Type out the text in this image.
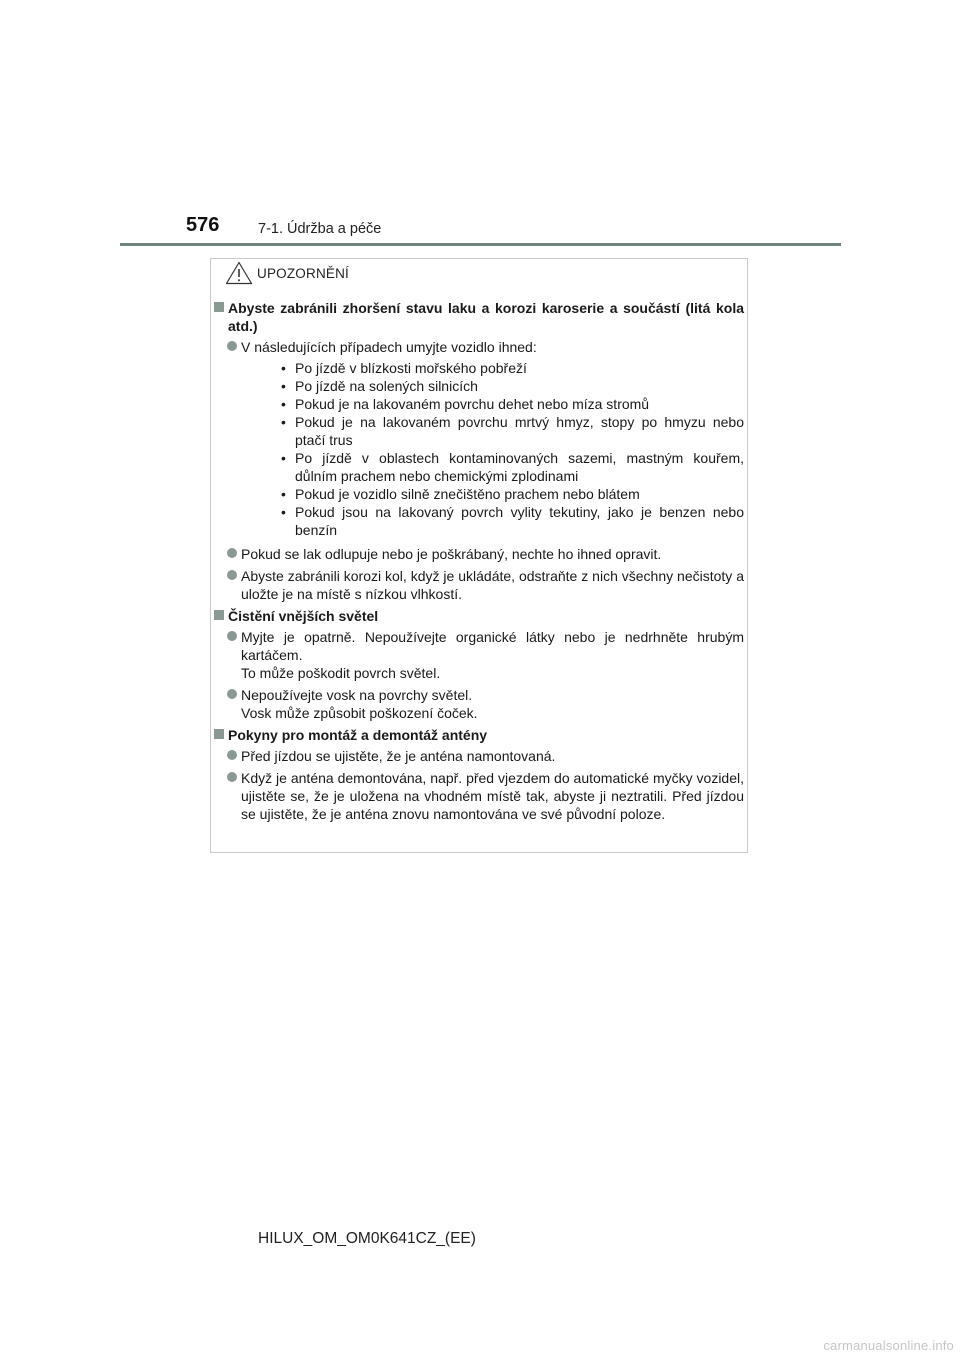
576	7-1. Údržba a péče
UPOZORNĚNÍ
Abyste zabránili zhoršení stavu laku a korozi karoserie a součástí (litá kola atd.)
V následujících případech umyjte vozidlo ihned:
• Po jízdě v blízkosti mořského pobřeží
• Po jízdě na solených silnicích
• Pokud je na lakovaném povrchu dehet nebo míza stromů
• Pokud je na lakovaném povrchu mrtvý hmyz, stopy po hmyzu nebo ptačí trus
• Po jízdě v oblastech kontaminovaných sazemi, mastným kouřem, důlním prachem nebo chemickými zplodinami
• Pokud je vozidlo silně znečištěno prachem nebo blátem
• Pokud jsou na lakovaný povrch vylity tekutiny, jako je benzen nebo benzín
Pokud se lak odlupuje nebo je poškrábaný, nechte ho ihned opravit.
Abyste zabránili korozi kol, když je ukládáte, odstraňte z nich všechny nečistoty a uložte je na místě s nízkou vlhkostí.
Čistění vnějších světel
Myjte je opatrně. Nepoužívejte organické látky nebo je nedrhněte hrubým kartáčem.
To může poškodit povrch světel.
Nepoužívejte vosk na povrchy světel.
Vosk může způsobit poškození čoček.
Pokyny pro montáž a demontáž antény
Před jízdou se ujistěte, že je anténa namontovaná.
Když je anténa demontována, např. před vjezdem do automatické myčky vozidel, ujistěte se, že je uložena na vhodném místě tak, abyste ji neztratili. Před jízdou se ujistěte, že je anténa znovu namontována ve své původní poloze.
HILUX_OM_OM0K641CZ_(EE)
carmanualsonline.info
